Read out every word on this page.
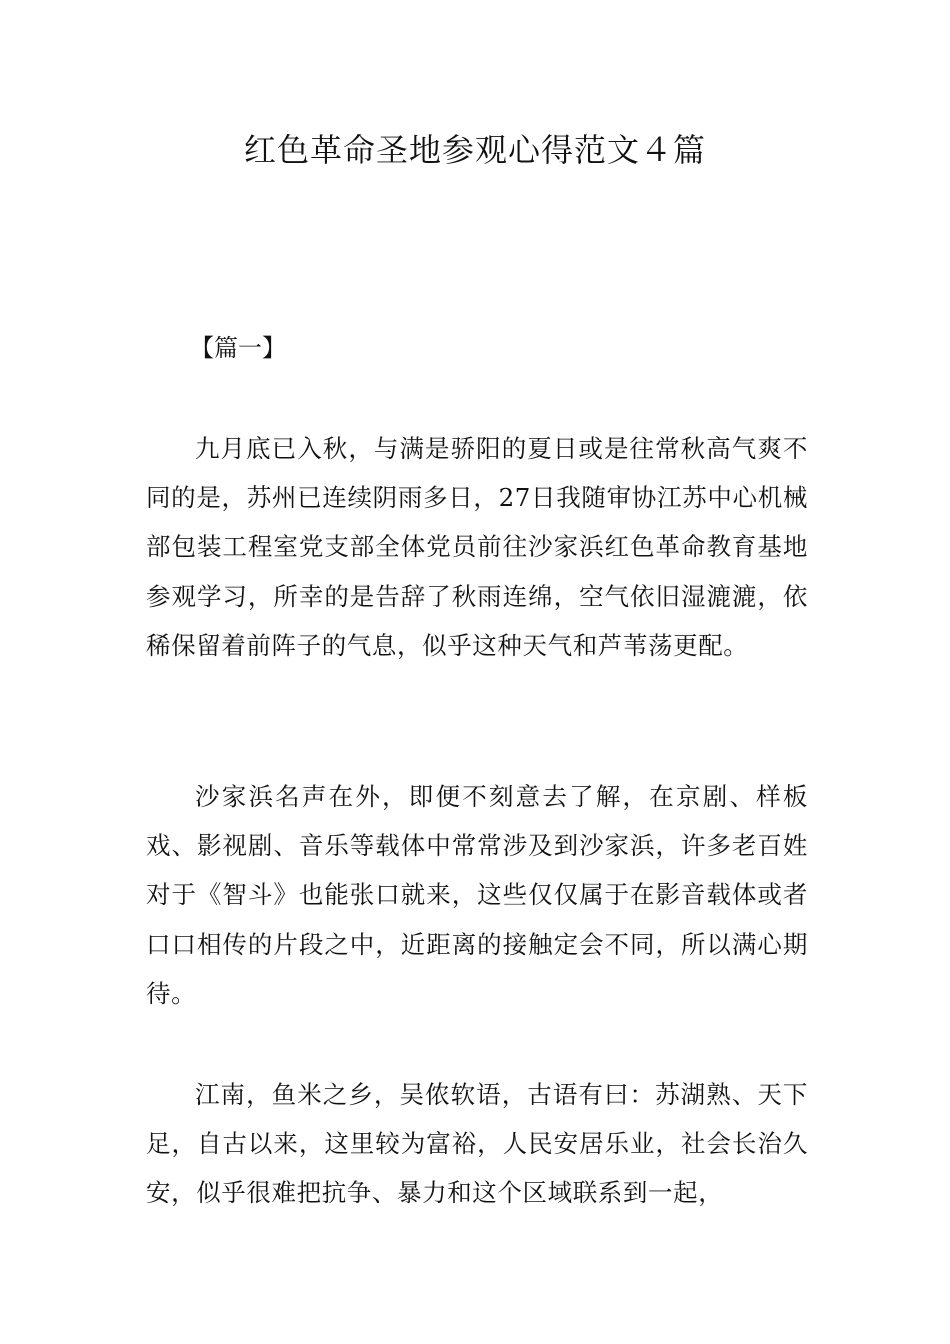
红色革命圣地参观心得范文４篇
【篇一】

九月底已入秋，与满是骄阳的夏日或是往常秋高气爽不同的是，苏州已连续阴雨多日，27日我随审协江苏中心机械部包装工程室党支部全体党员前往沙家浜红色革命教育基地参观学习，所幸的是告辞了秋雨连绵，空气依旧湿漉漉，依稀保留着前阵子的气息，似乎这种天气和芦苇荡更配。

沙家浜名声在外，即便不刻意去了解，在京剧、样板戏、影视剧、音乐等载体中常常涉及到沙家浜，许多老百姓对于《智斗》也能张口就来，这些仅仅属于在影音载体或者口口相传的片段之中，近距离的接触定会不同，所以满心期待。

江南，鱼米之乡，吴侬软语，古语有曰：苏湖熟、天下足，自古以来，这里较为富裕，人民安居乐业，社会长治久安，似乎很难把抗争、暴力和这个区域联系到一起，
